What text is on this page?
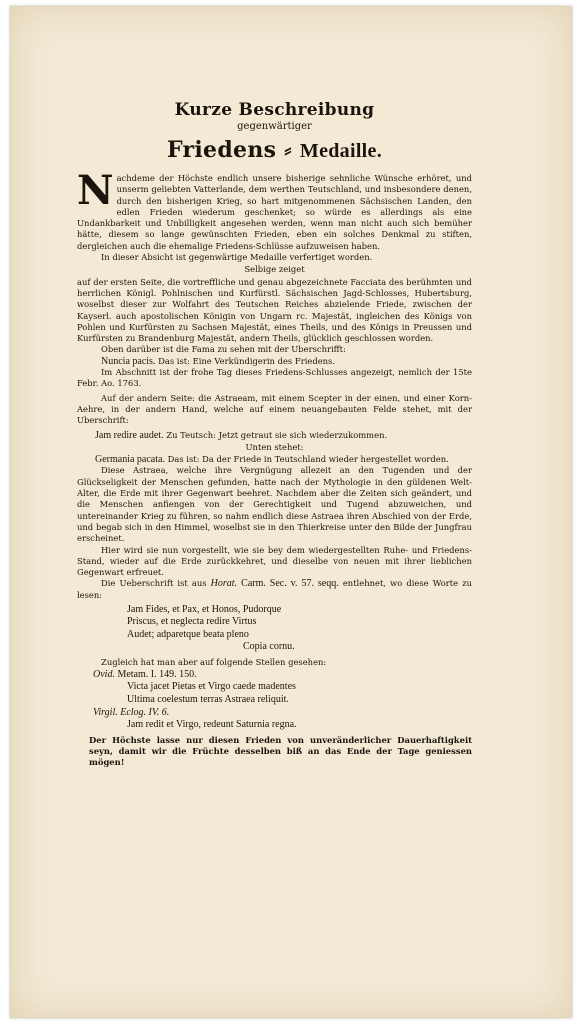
Kurze Beschreibung
gegenwärtiger
Friedens ⸗ Medaille.

N achdeme der Höchste endlich unsere bisherige sehnliche Wünsche erhöret, und unserm geliebten Vatterlande, dem werthen Teutschland, und insbesondere denen, durch den bisherigen Krieg, so hart mitgenommenen Sächsischen Landen, den edlen Frieden wiederum geschenket; so würde es allerdings als eine Undankbarkeit und Unbilligkeit angesehen werden, wenn man nicht auch sich bemüher hätte, diesem so lange gewünschten Frieden, eben ein solches Denkmal zu stiften, dergleichen auch die ehemalige Friedens-Schlüsse aufzuweisen haben.

In dieser Absicht ist gegenwärtige Medaille verfertiget worden.

Selbige zeiget

auf der ersten Seite, die vortreffliche und genau abgezeichnete Facciata des berühmten und herrlichen Königl. Pohlnischen und Kurfürstl. Sächsischen Jagd-Schlosses, Hubertsburg, woselbst dieser zur Wolfahrt des Teutschen Reiches abzielende Friede, zwischen der Kayserl. auch apostolischen Königin von Ungarn rc. Majestät, ingleichen des Königs von Pohlen und Kurfürsten zu Sachsen Majestät, eines Theils, und des Königs in Preussen und Kurfürsten zu Brandenburg Majestät, andern Theils, glücklich geschlossen worden.

Oben darüber ist die Fama zu sehen mit der Uberschrifft:

Nuncia pacis. Das ist: Eine Verkündigerin des Friedens.

Im Abschnitt ist der frohe Tag dieses Friedens-Schlusses angezeigt, nemlich der 15te Febr. Ao. 1763.

Auf der andern Seite: die Astraeam, mit einem Scepter in der einen, und einer Korn-Aehre, in der andern Hand, welche auf einem neuangebauten Felde stehet, mit der Uberschrift:

Jam redire audet. Zu Teutsch: Jetzt getraut sie sich wiederzukommen.

Unten stehet:

Germania pacata. Das ist: Da der Friede in Teutschland wieder hergestellet worden.

Diese Astraea, welche ihre Vergnügung allezeit an den Tugenden und der Glückseligkeit der Menschen gefunden, hatte nach der Mythologie in den güldenen Welt-Alter, die Erde mit ihrer Gegenwart beehret. Nachdem aber die Zeiten sich geändert, und die Menschen anfiengen von der Gerechtigkeit und Tugend abzuweichen, und untereinander Krieg zu führen, so nahm endlich diese Astraea ihren Abschied von der Erde, und begab sich in den Himmel, woselbst sie in den Thierkreise unter den Bilde der Jungfrau erscheinet.

Hier wird sie nun vorgestellt, wie sie bey dem wiedergestellten Ruhe- und Friedens-Stand, wieder auf die Erde zurückkehret, und dieselbe von neuen mit ihrer lieblichen Gegenwart erfreuet.

Die Ueberschrift ist aus Horat. Carm. Sec. v. 57. seqq. entlehnet, wo diese Worte zu lesen:

Jam Fides, et Pax, et Honos, Pudorque
Priscus, et neglecta redire Virtus
Audet; adparetque beata pleno
Copia cornu.

Zugleich hat man aber auf folgende Stellen gesehen:

Ovid. Metam. I. 149. 150.
Victa jacet Pietas et Virgo caede madentes
Ultima coelestum terras Astraea reliquit.
Virgil. Eclog. IV. 6.
Jam redit et Virgo, redeunt Saturnia regna.

Der Höchste lasse nur diesen Frieden von unveränderlicher Dauerhaftigkeit seyn, damit wir die Früchte desselben biß an das Ende der Tage geniessen mögen!
